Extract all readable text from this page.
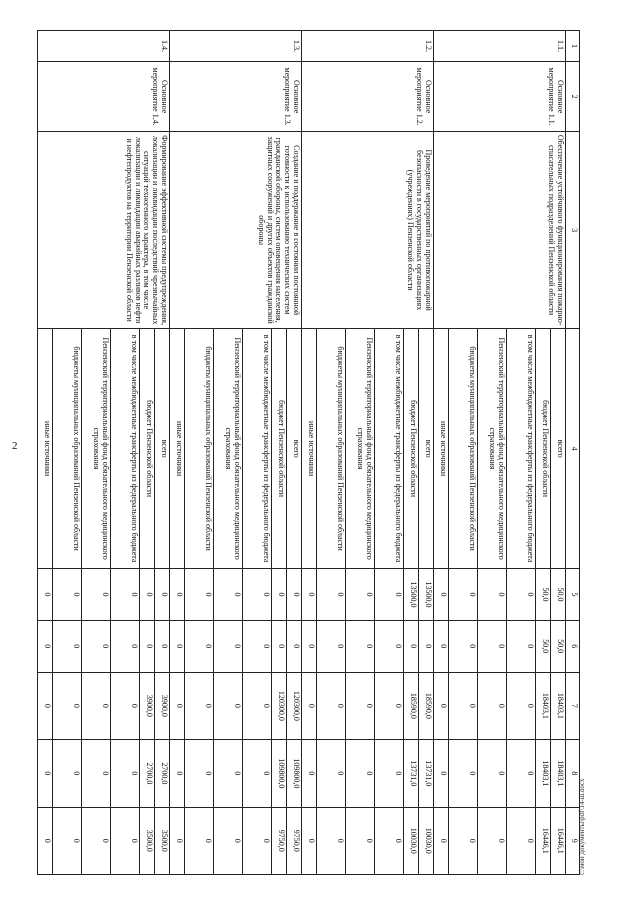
2
1	2	3	4	5	6	7	8	9
1.1.	Основное мероприятие 1.1.	Обеспечение устойчивого функционирования пожарно-спасательных подразделений Пензенской области	всего	50,0	50,0	18403,1	18403,1	16446,1
			бюджет Пензенской области	50,0	50,0	18403,1	18403,1	16446,1
			в том числе межбюджетные трансферты из федерального бюджета	0	0	0	0	0
			Пензенский территориальный фонд обязательного медицинского страхования	0	0	0	0	0
			бюджеты муниципальных образований Пензенской области	0	0	0	0	0
			иные источники	0	0	0	0	0
1.2.	Основное мероприятие 1.2.	Проведение мероприятий по противопожарной безопасности в государственных организациях (учреждениях) Пензенской области	всего	13500,0	0	18590,0	13731,0	10030,0
			бюджет Пензенской области	13500,0	0	18590,0	13731,0	10030,0
			в том числе межбюджетные трансферты из федерального бюджета	0	0	0	0	0
			Пензенский территориальный фонд обязательного медицинского страхования	0	0	0	0	0
			бюджеты муниципальных образований Пензенской области	0	0	0	0	0
			иные источники	0	0	0	0	0
1.3.	Основное мероприятие 1.3.	Создание и поддержание в состоянии постоянной готовности к использованию технических систем гражданской обороны, систем оповещения населения, защитных сооружений и других объектов гражданской обороны	всего	0	0	120300,0	109800,0	9750,0
			бюджет Пензенской области	0	0	120300,0	109800,0	9750,0
			в том числе межбюджетные трансферты из федерального бюджета	0	0	0	0	0
			Пензенский территориальный фонд обязательного медицинского страхования	0	0	0	0	0
			бюджеты муниципальных образований Пензенской области	0	0	0	0	0
			иные источники	0	0	0	0	0
1.4.	Основное мероприятие 1.4.	Формирование эффективной системы предупреждения, локализации и ликвидации последствий чрезвычайных ситуаций техногенного характера, в том числе локализации и ликвидации аварийных разливов нефти и нефтепродуктов на территории Пензенской области	всего	0	0	3900,0	2700,0	3500,0
			бюджет Пензенской области	0	0	3900,0	2700,0	3500,0
			в том числе межбюджетные трансферты из федерального бюджета	0	0	0	0	0
			Пензенский территориальный фонд обязательного медицинского страхования	0	0	0	0	0
			бюджеты муниципальных образований Пензенской области	0	0	0	0	0
			иные источники	0	0	0	0	0	c:\мои документы\pdf\14-ш.docx
